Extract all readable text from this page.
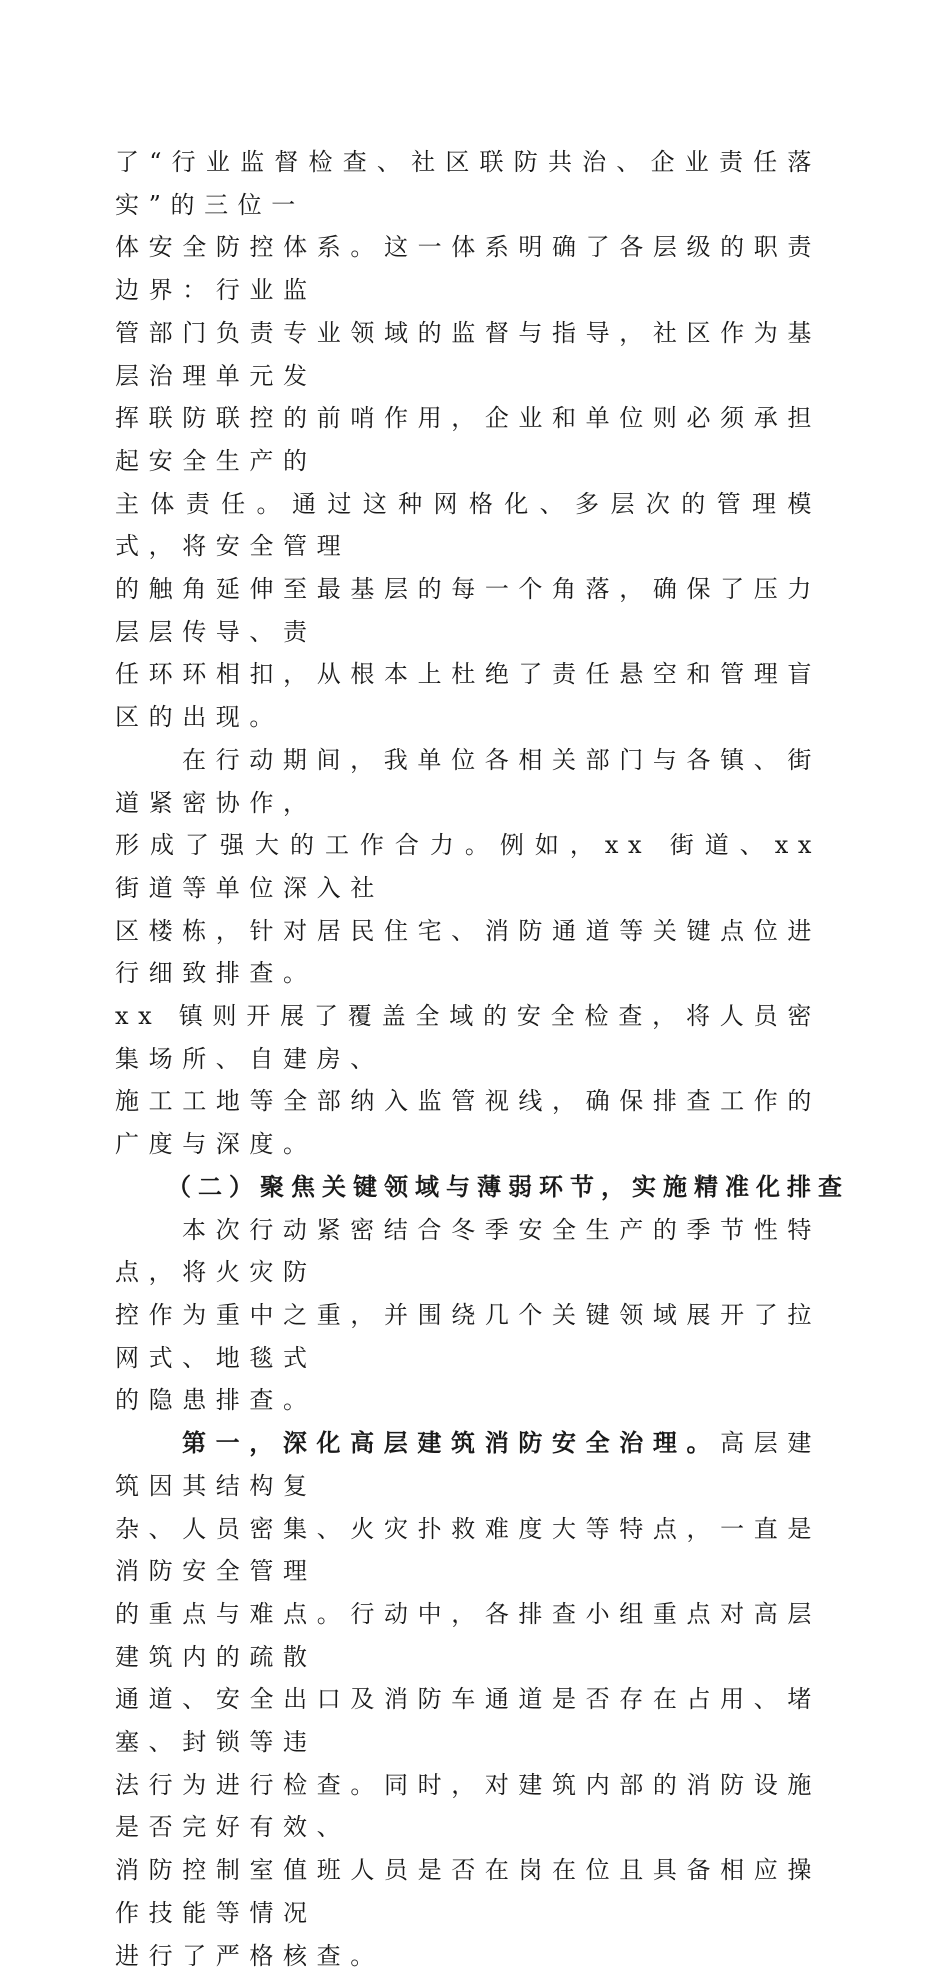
了“行业监督检查、社区联防共治、企业责任落实”的三位一
体安全防控体系。这一体系明确了各层级的职责边界：行业监
管部门负责专业领域的监督与指导，社区作为基层治理单元发
挥联防联控的前哨作用，企业和单位则必须承担起安全生产的
主体责任。通过这种网格化、多层次的管理模式，将安全管理
的触角延伸至最基层的每一个角落，确保了压力层层传导、责
任环环相扣，从根本上杜绝了责任悬空和管理盲区的出现。
在行动期间，我单位各相关部门与各镇、街道紧密协作，
形成了强大的工作合力。例如，xx 街道、xx 街道等单位深入社
区楼栋，针对居民住宅、消防通道等关键点位进行细致排查。
xx 镇则开展了覆盖全域的安全检查，将人员密集场所、自建房、
施工工地等全部纳入监管视线，确保排查工作的广度与深度。
（二）聚焦关键领域与薄弱环节，实施精准化排查
本次行动紧密结合冬季安全生产的季节性特点，将火灾防
控作为重中之重，并围绕几个关键领域展开了拉网式、地毯式
的隐患排查。
第一，深化高层建筑消防安全治理。高层建筑因其结构复
杂、人员密集、火灾扑救难度大等特点，一直是消防安全管理
的重点与难点。行动中，各排查小组重点对高层建筑内的疏散
通道、安全出口及消防车通道是否存在占用、堵塞、封锁等违
法行为进行检查。同时，对建筑内部的消防设施是否完好有效、
消防控制室值班人员是否在岗在位且具备相应操作技能等情况
进行了严格核查。
